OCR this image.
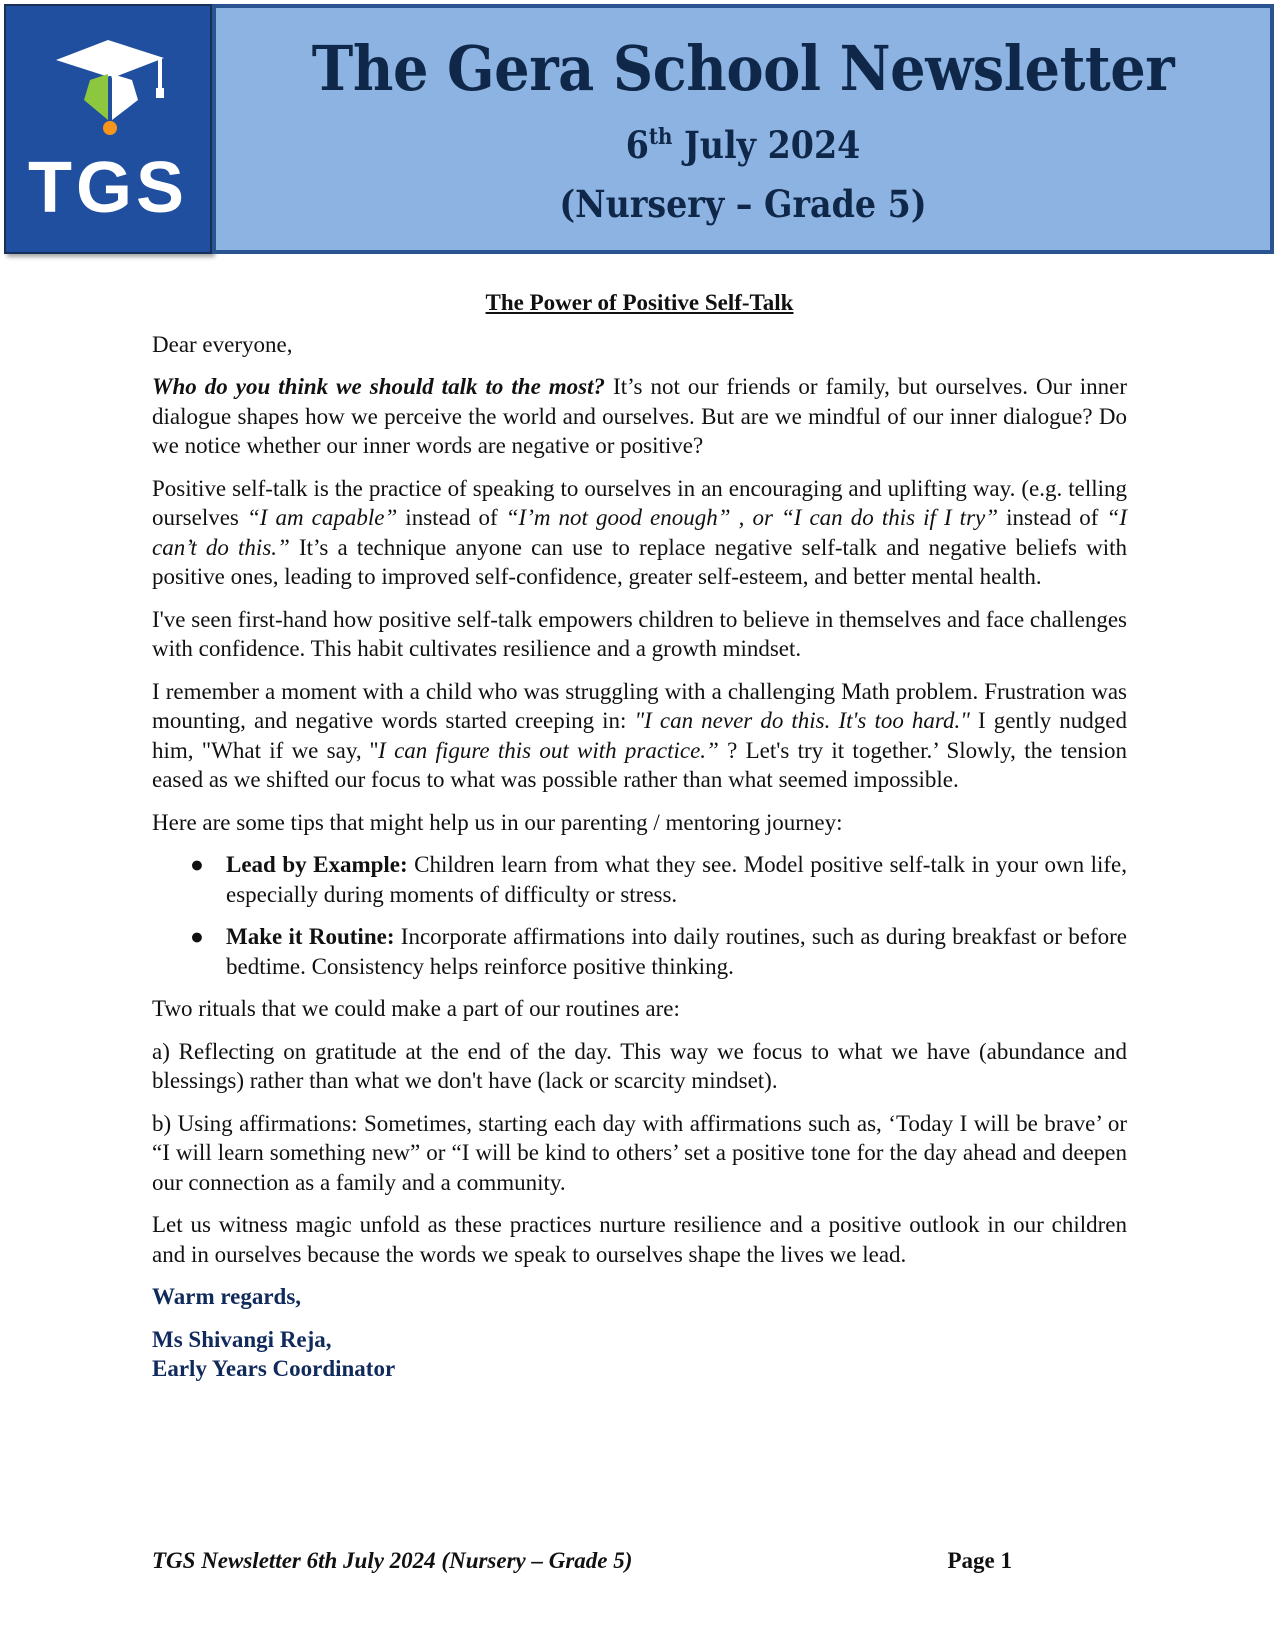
TGS
The Gera School Newsletter
6th July 2024
(Nursery – Grade 5)
The Power of Positive Self-Talk

Dear everyone,

Who do you think we should talk to the most? It’s not our friends or family, but ourselves. Our inner dialogue shapes how we perceive the world and ourselves. But are we mindful of our inner dialogue? Do we notice whether our inner words are negative or positive?

Positive self-talk is the practice of speaking to ourselves in an encouraging and uplifting way. (e.g. telling ourselves “I am capable” instead of “I’m not good enough” , or “I can do this if I try” instead of “I can’t do this.” It’s a technique anyone can use to replace negative self-talk and negative beliefs with positive ones, leading to improved self-confidence, greater self-esteem, and better mental health.

I've seen first-hand how positive self-talk empowers children to believe in themselves and face challenges with confidence. This habit cultivates resilience and a growth mindset.

I remember a moment with a child who was struggling with a challenging Math problem. Frustration was mounting, and negative words started creeping in: "I can never do this. It's too hard." I gently nudged him, "What if we say, ''I can figure this out with practice.” ? Let's try it together.’ Slowly, the tension eased as we shifted our focus to what was possible rather than what seemed impossible.

Here are some tips that might help us in our parenting / mentoring journey:

● Lead by Example: Children learn from what they see. Model positive self-talk in your own life, especially during moments of difficulty or stress.
● Make it Routine: Incorporate affirmations into daily routines, such as during breakfast or before bedtime. Consistency helps reinforce positive thinking.

Two rituals that we could make a part of our routines are:

a) Reflecting on gratitude at the end of the day. This way we focus to what we have (abundance and blessings) rather than what we don't have (lack or scarcity mindset).

b) Using affirmations: Sometimes, starting each day with affirmations such as, ‘Today I will be brave’ or “I will learn something new” or “I will be kind to others’ set a positive tone for the day ahead and deepen our connection as a family and a community.

Let us witness magic unfold as these practices nurture resilience and a positive outlook in our children and in ourselves because the words we speak to ourselves shape the lives we lead.

Warm regards,

Ms Shivangi Reja,
Early Years Coordinator
TGS Newsletter 6th July 2024 (Nursery – Grade 5)	Page 1
